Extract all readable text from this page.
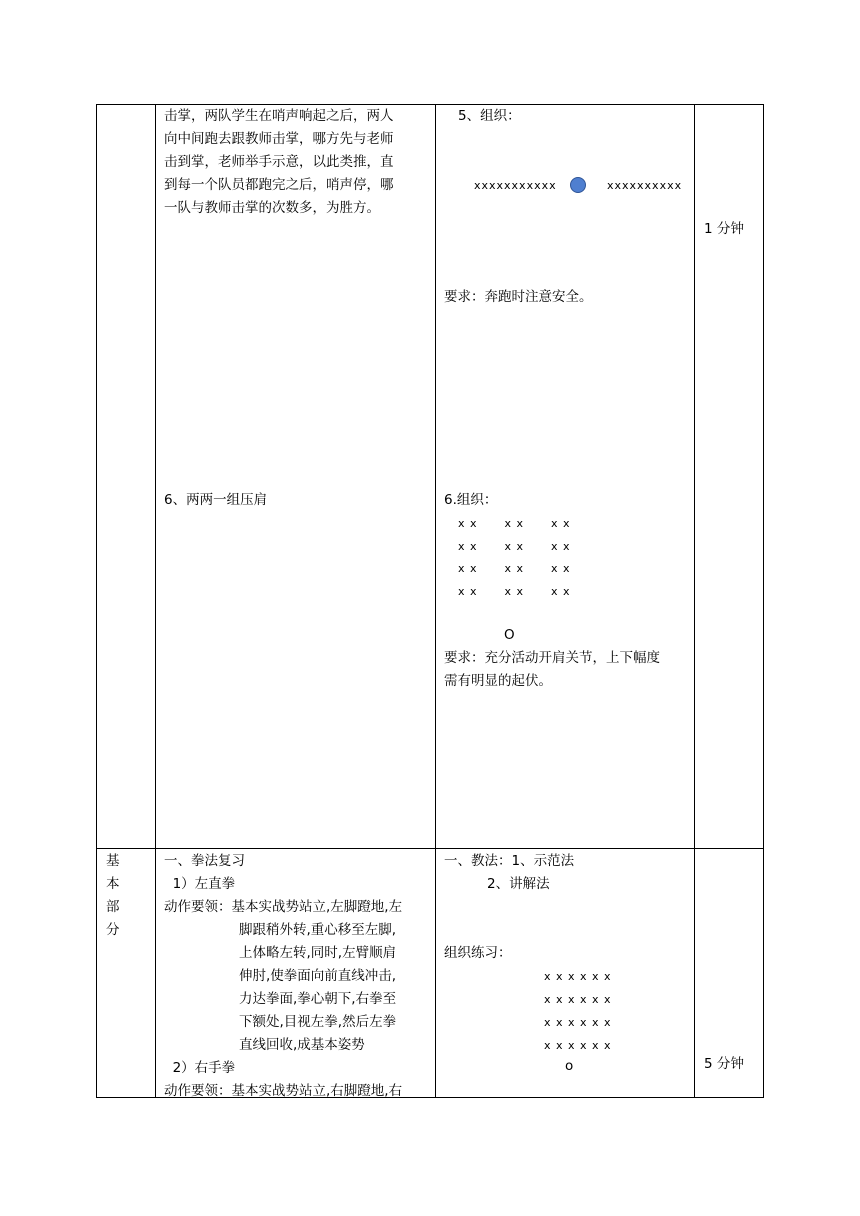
击掌，两队学生在哨声响起之后，两人
向中间跑去跟教师击掌，哪方先与老师
击到掌，老师举手示意，以此类推，直
到每一个队员都跑完之后，哨声停，哪
一队与教师击掌的次数多，为胜方。
6、两两一组压肩
5、组织：
xxxxxxxxxxx	xxxxxxxxxx
要求：奔跑时注意安全。
6.组织：
x x      x x      x x
x x      x x      x x
x x      x x      x x
x x      x x      x x
O
要求：充分活动开肩关节，上下幅度
需有明显的起伏。
1 分钟
基
本
部
分
一、拳法复习
1）左直拳
动作要领：基本实战势站立,左脚蹬地,左
脚跟稍外转,重心移至左脚,
上体略左转,同时,左臂顺肩
伸肘,使拳面向前直线冲击,
力达拳面,拳心朝下,右拳至
下额处,目视左拳,然后左拳
直线回收,成基本姿势
2）右手拳
动作要领：基本实战势站立,右脚蹬地,右
一、教法：1、示范法
2、讲解法
组织练习：
x x x x x x
x x x x x x
x x x x x x
x x x x x x
o	5 分钟
